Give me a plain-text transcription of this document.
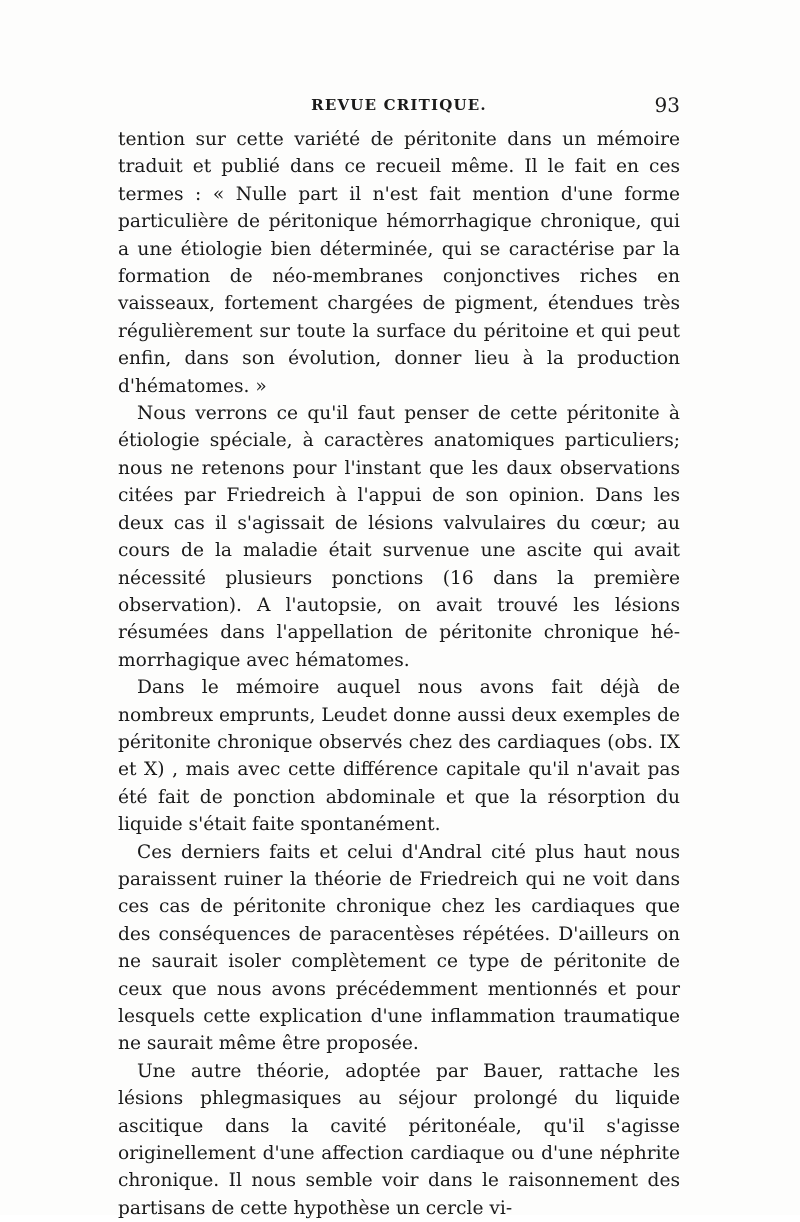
REVUE CRITIQUE.	93

tention sur cette variété de péritonite dans un mémoire traduit et publié dans ce recueil même. Il le fait en ces termes : « Nulle part il n'est fait mention d'une forme particulière de péritonique hémorrhagique chronique, qui a une étiologie bien déterminée, qui se caractérise par la formation de néo-membranes conjonctives riches en vaisseaux, fortement chargées de pigment, étendues très régulièrement sur toute la surface du péritoine et qui peut enfin, dans son évolution, donner lieu à la production d'hématomes. »

Nous verrons ce qu'il faut penser de cette péritonite à étiologie spéciale, à caractères anatomiques particuliers; nous ne retenons pour l'instant que les daux observations citées par Friedreich à l'appui de son opinion. Dans les deux cas il s'agissait de lésions valvulaires du cœur; au cours de la maladie était survenue une ascite qui avait nécessité plusieurs ponctions (16 dans la première observation). A l'autopsie, on avait trouvé les lésions résumées dans l'appellation de péritonite chronique hémorrhagique avec hématomes.

Dans le mémoire auquel nous avons fait déjà de nombreux emprunts, Leudet donne aussi deux exemples de péritonite chronique observés chez des cardiaques (obs. IX et X) , mais avec cette différence capitale qu'il n'avait pas été fait de ponction abdominale et que la résorption du liquide s'était faite spontanément.

Ces derniers faits et celui d'Andral cité plus haut nous paraissent ruiner la théorie de Friedreich qui ne voit dans ces cas de péritonite chronique chez les cardiaques que des conséquences de paracentèses répétées. D'ailleurs on ne saurait isoler complètement ce type de péritonite de ceux que nous avons précédemment mentionnés et pour lesquels cette explication d'une inflammation traumatique ne saurait même être proposée.

Une autre théorie, adoptée par Bauer, rattache les lésions phlegmasiques au séjour prolongé du liquide ascitique dans la cavité péritonéale, qu'il s'agisse originellement d'une affection cardiaque ou d'une néphrite chronique. Il nous semble voir dans le raisonnement des partisans de cette hypothèse un cercle vi-
